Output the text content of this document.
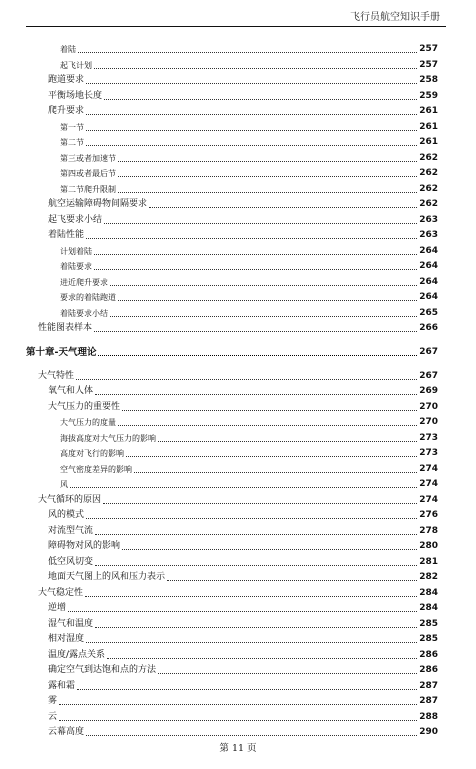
飞行员航空知识手册
着陆	257
起飞计划	257
跑道要求	258
平衡场地长度	259
爬升要求	261
第一节	261
第二节	261
第三或者加速节	262
第四或者最后节	262
第二节爬升限制	262
航空运输障碍物间隔要求	262
起飞要求小结	263
着陆性能	263
计划着陆	264
着陆要求	264
进近爬升要求	264
要求的着陆跑道	264
着陆要求小结	265
性能图表样本	266
第十章-天气理论	267
大气特性	267
氧气和人体	269
大气压力的重要性	270
大气压力的度量	270
海拔高度对大气压力的影响	273
高度对飞行的影响	273
空气密度差异的影响	274
风	274
大气循环的原因	274
风的模式	276
对流型气流	278
障碍物对风的影响	280
低空风切变	281
地面天气图上的风和压力表示	282
大气稳定性	284
逆增	284
湿气和温度	285
相对湿度	285
温度/露点关系	286
确定空气到达饱和点的方法	286
露和霜	287
雾	287
云	288
云幕高度	290
第 11 页
